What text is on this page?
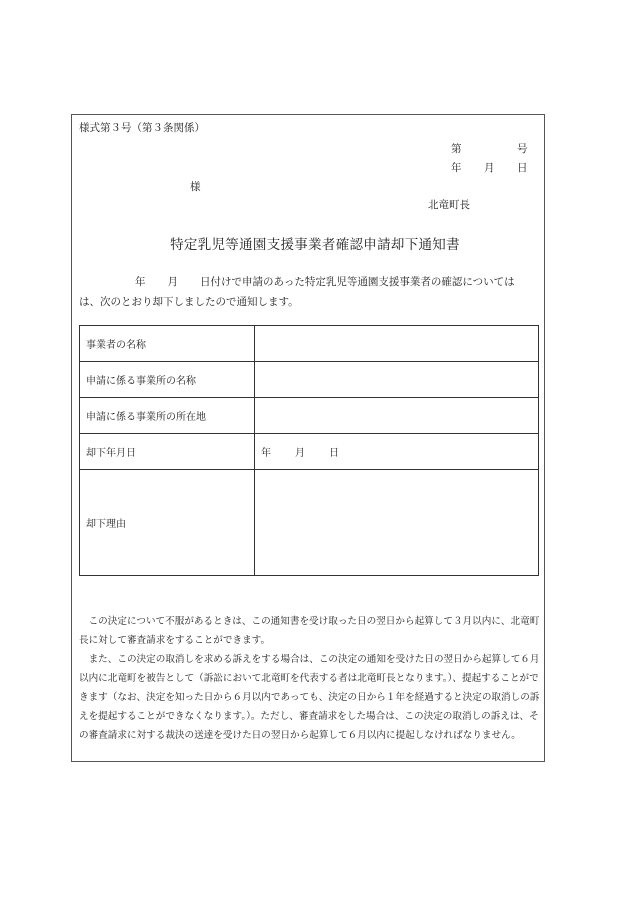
様式第３号（第３条関係）
第	号
年 月 日
様
北竜町長
特定乳児等通園支援事業者確認申請却下通知書
年 月 日付けで申請のあった特定乳児等通園支援事業者の確認については
は、次のとおり却下しましたので通知します。
事業者の名称	
申請に係る事業所の名称	
申請に係る事業所の所在地	
却下年月日	年 月 日
却下理由	

この決定について不服があるときは、この通知書を受け取った日の翌日から起算して３月以内に、北竜町長に対して審査請求をすることができます。

また、この決定の取消しを求める訴えをする場合は、この決定の通知を受けた日の翌日から起算して６月以内に北竜町を被告として（訴訟において北竜町を代表する者は北竜町長となります。）、提起することができます（なお、決定を知った日から６月以内であっても、決定の日から１年を経過すると決定の取消しの訴えを提起することができなくなります。）。ただし、審査請求をした場合は、この決定の取消しの訴えは、その審査請求に対する裁決の送達を受けた日の翌日から起算して６月以内に提起しなければなりません。
